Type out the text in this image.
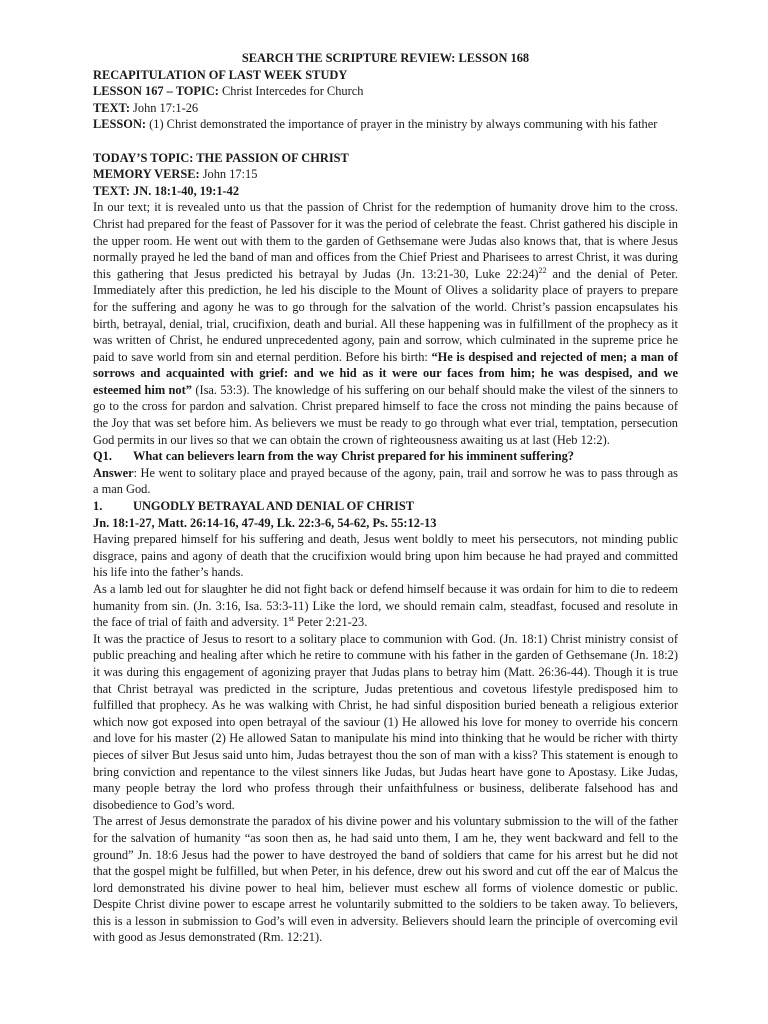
SEARCH THE SCRIPTURE REVIEW: LESSON 168
RECAPITULATION OF LAST WEEK STUDY
LESSON 167 – TOPIC: Christ Intercedes for Church
TEXT: John 17:1-26
LESSON: (1) Christ demonstrated the importance of prayer in the ministry by always communing with his father
TODAY’S TOPIC: THE PASSION OF CHRIST
MEMORY VERSE: John 17:15
TEXT: JN. 18:1-40, 19:1-42

In our text; it is revealed unto us that the passion of Christ for the redemption of humanity drove him to the cross. Christ had prepared for the feast of Passover for it was the period of celebrate the feast. Christ gathered his disciple in the upper room. He went out with them to the garden of Gethsemane were Judas also knows that, that is where Jesus normally prayed he led the band of man and offices from the Chief Priest and Pharisees to arrest Christ, it was during this gathering that Jesus predicted his betrayal by Judas (Jn. 13:21-30, Luke 22:24)$^{22}$ and the denial of Peter. Immediately after this prediction, he led his disciple to the Mount of Olives a solidarity place of prayers to prepare for the suffering and agony he was to go through for the salvation of the world. Christ’s passion encapsulates his birth, betrayal, denial, trial, crucifixion, death and burial. All these happening was in fulfillment of the prophecy as it was written of Christ, he endured unprecedented agony, pain and sorrow, which culminated in the supreme price he paid to save world from sin and eternal perdition. Before his birth: “He is despised and rejected of men; a man of sorrows and acquainted with grief: and we hid as it were our faces from him; he was despised, and we esteemed him not” (Isa. 53:3). The knowledge of his suffering on our behalf should make the vilest of the sinners to go to the cross for pardon and salvation. Christ prepared himself to face the cross not minding the pains because of the Joy that was set before him. As believers we must be ready to go through what ever trial, temptation, persecution God permits in our lives so that we can obtain the crown of righteousness awaiting us at last (Heb 12:2).

Q1.	What can believers learn from the way Christ prepared for his imminent suffering?

Answer: He went to solitary place and prayed because of the agony, pain, trail and sorrow he was to pass through as a man God.

1.	UNGODLY BETRAYAL AND DENIAL OF CHRIST
Jn. 18:1-27, Matt. 26:14-16, 47-49, Lk. 22:3-6, 54-62, Ps. 55:12-13

Having prepared himself for his suffering and death, Jesus went boldly to meet his persecutors, not minding public disgrace, pains and agony of death that the crucifixion would bring upon him because he had prayed and committed his life into the father’s hands.

As a lamb led out for slaughter he did not fight back or defend himself because it was ordain for him to die to redeem humanity from sin. (Jn. 3:16, Isa. 53:3-11) Like the lord, we should remain calm, steadfast, focused and resolute in the face of trial of faith and adversity. 1st Peter 2:21-23.

It was the practice of Jesus to resort to a solitary place to communion with God. (Jn. 18:1) Christ ministry consist of public preaching and healing after which he retire to commune with his father in the garden of Gethsemane (Jn. 18:2) it was during this engagement of agonizing prayer that Judas plans to betray him (Matt. 26:36-44). Though it is true that Christ betrayal was predicted in the scripture, Judas pretentious and covetous lifestyle predisposed him to fulfilled that prophecy. As he was walking with Christ, he had sinful disposition buried beneath a religious exterior which now got exposed into open betrayal of the saviour (1) He allowed his love for money to override his concern and love for his master (2) He allowed Satan to manipulate his mind into thinking that he would be richer with thirty pieces of silver But Jesus said unto him, Judas betrayest thou the son of man with a kiss? This statement is enough to bring conviction and repentance to the vilest sinners like Judas, but Judas heart have gone to Apostasy. Like Judas, many people betray the lord who profess through their unfaithfulness or business, deliberate falsehood has and disobedience to God’s word.

The arrest of Jesus demonstrate the paradox of his divine power and his voluntary submission to the will of the father for the salvation of humanity “as soon then as, he had said unto them, I am he, they went backward and fell to the ground” Jn. 18:6 Jesus had the power to have destroyed the band of soldiers that came for his arrest but he did not that the gospel might be fulfilled, but when Peter, in his defence, drew out his sword and cut off the ear of Malcus the lord demonstrated his divine power to heal him, believer must eschew all forms of violence domestic or public. Despite Christ divine power to escape arrest he voluntarily submitted to the soldiers to be taken away. To believers, this is a lesson in submission to God’s will even in adversity. Believers should learn the principle of overcoming evil with good as Jesus demonstrated (Rm. 12:21).
